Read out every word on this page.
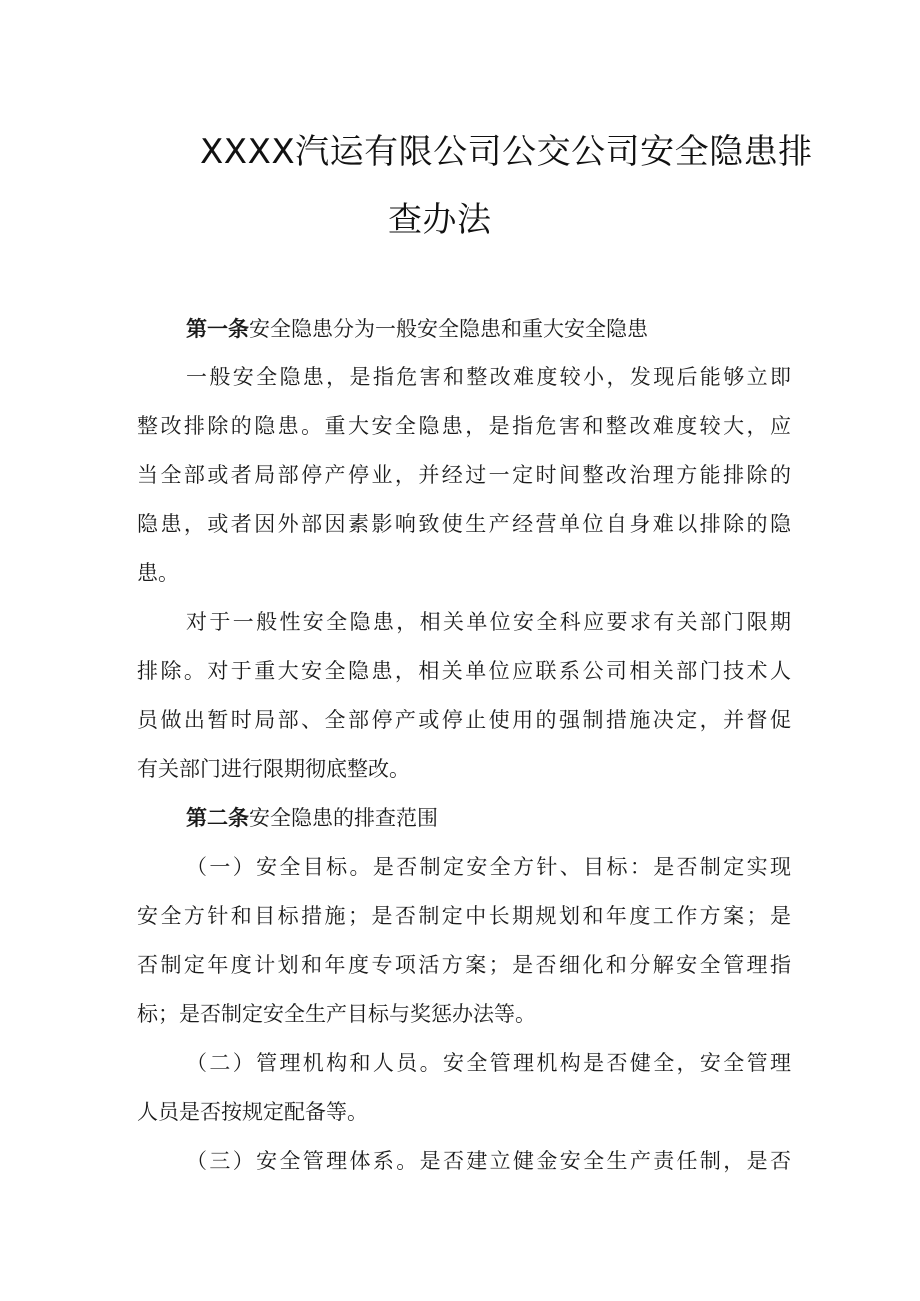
XXXX汽运有限公司公交公司安全隐患排
查办法
第一条安全隐患分为一般安全隐患和重大安全隐患
一般安全隐患，是指危害和整改难度较小，发现后能够立即
整改排除的隐患。重大安全隐患，是指危害和整改难度较大，应
当全部或者局部停产停业，并经过一定时间整改治理方能排除的
隐患，或者因外部因素影响致使生产经营单位自身难以排除的隐
患。
对于一般性安全隐患，相关单位安全科应要求有关部门限期
排除。对于重大安全隐患，相关单位应联系公司相关部门技术人
员做出暂时局部、全部停产或停止使用的强制措施决定，并督促
有关部门进行限期彻底整改。
第二条安全隐患的排查范围
（一）安全目标。是否制定安全方针、目标：是否制定实现
安全方针和目标措施；是否制定中长期规划和年度工作方案；是
否制定年度计划和年度专项活方案；是否细化和分解安全管理指
标；是否制定安全生产目标与奖惩办法等。
（二）管理机构和人员。安全管理机构是否健全，安全管理
人员是否按规定配备等。
（三）安全管理体系。是否建立健金安全生产责任制，是否
